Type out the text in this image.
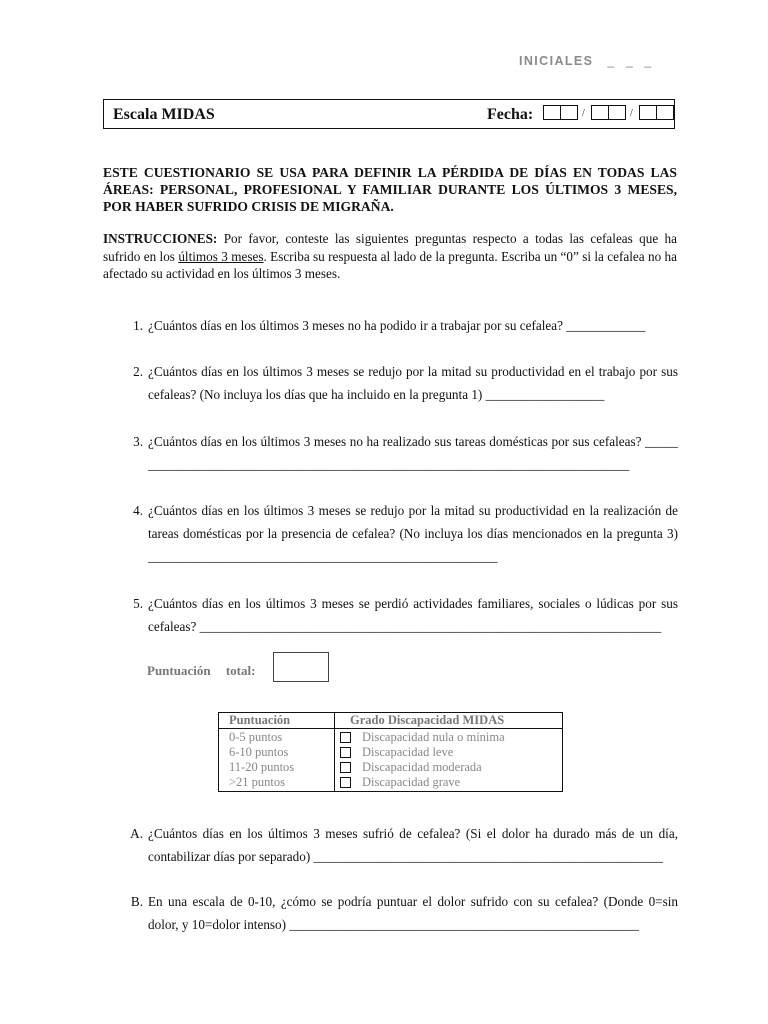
INICIALES _ _ _
Escala MIDAS	Fecha:	/	/
ESTE CUESTIONARIO SE USA PARA DEFINIR LA PÉRDIDA DE DÍAS EN TODAS LAS ÁREAS: PERSONAL, PROFESIONAL Y FAMILIAR DURANTE LOS ÚLTIMOS 3 MESES, POR HABER SUFRIDO CRISIS DE MIGRAÑA.
INSTRUCCIONES: Por favor, conteste las siguientes preguntas respecto a todas las cefaleas que ha sufrido en los últimos 3 meses. Escriba su respuesta al lado de la pregunta. Escriba un “0” si la cefalea no ha afectado su actividad en los últimos 3 meses.
1. ¿Cuántos días en los últimos 3 meses no ha podido ir a trabajar por su cefalea? ____________
2. ¿Cuántos días en los últimos 3 meses se redujo por la mitad su productividad en el trabajo por sus cefaleas? (No incluya los días que ha incluido en la pregunta 1) __________________
3. ¿Cuántos días en los últimos 3 meses no ha realizado sus tareas domésticas por sus cefaleas? ______________________________________________________________________________
4. ¿Cuántos días en los últimos 3 meses se redujo por la mitad su productividad en la realización de tareas domésticas por la presencia de cefalea? (No incluya los días mencionados en la pregunta 3) _____________________________________________________
5. ¿Cuántos días en los últimos 3 meses se perdió actividades familiares, sociales o lúdicas por sus cefaleas? ______________________________________________________________________
Puntuación total:
Puntuación	Grado Discapacidad MIDAS
0-5 puntos	Discapacidad nula o mínima
6-10 puntos	Discapacidad leve
11-20 puntos	Discapacidad moderada
>21 puntos	Discapacidad grave
A. ¿Cuántos días en los últimos 3 meses sufrió de cefalea? (Si el dolor ha durado más de un día, contabilizar días por separado) _____________________________________________________
B. En una escala de 0-10, ¿cómo se podría puntuar el dolor sufrido con su cefalea? (Donde 0=sin dolor, y 10=dolor intenso) _____________________________________________________
